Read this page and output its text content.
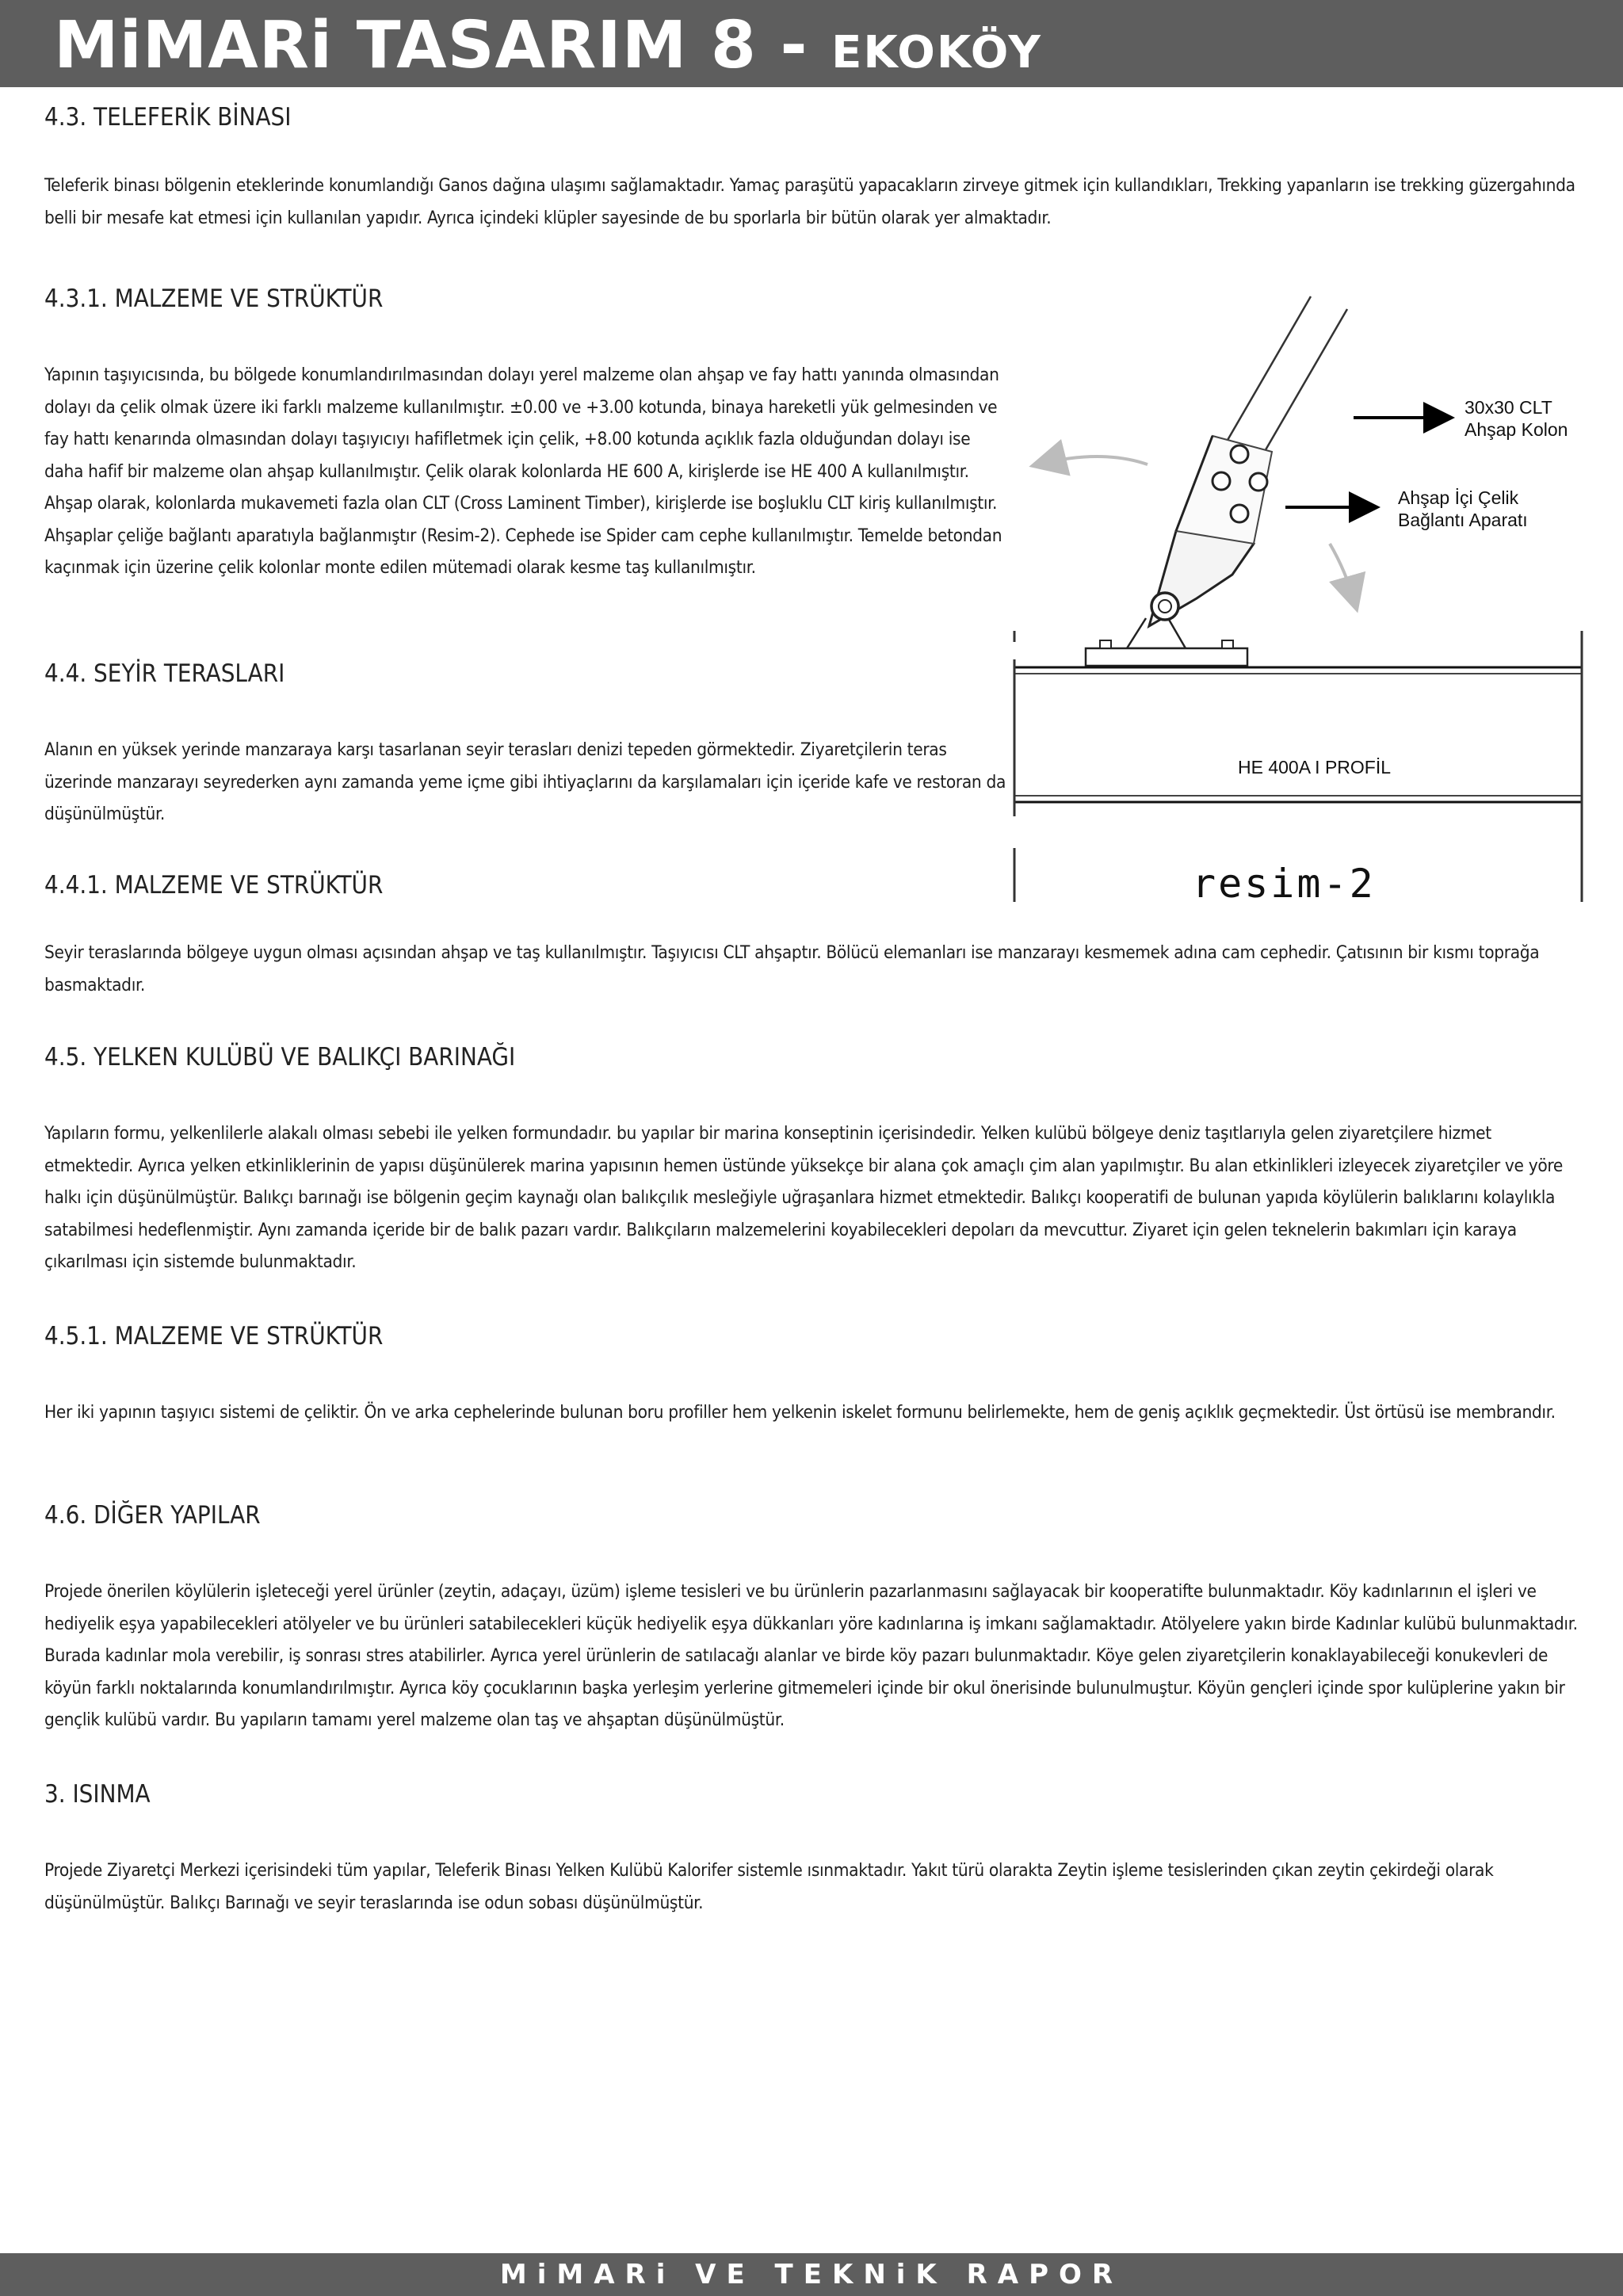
MiMARi TASARIM 8 - EKOKÖY
4.3. TELEFERİK BİNASI

Teleferik binası bölgenin eteklerinde konumlandığı Ganos dağına ulaşımı sağlamaktadır. Yamaç paraşütü yapacakların zirveye gitmek için kullandıkları, Trekking yapanların ise trekking güzergahında belli bir mesafe kat etmesi için kullanılan yapıdır. Ayrıca içindeki klüpler sayesinde de bu sporlarla bir bütün olarak yer almaktadır.

4.3.1. MALZEME VE STRÜKTÜR

Yapının taşıyıcısında, bu bölgede konumlandırılmasından dolayı yerel malzeme olan ahşap ve fay hattı yanında olmasından dolayı da çelik olmak üzere iki farklı malzeme kullanılmıştır. ±0.00 ve +3.00 kotunda, binaya hareketli yük gelmesinden ve fay hattı kenarında olmasından dolayı taşıyıcıyı hafifletmek için çelik, +8.00 kotunda açıklık fazla olduğundan dolayı ise daha hafif bir malzeme olan ahşap kullanılmıştır. Çelik olarak kolonlarda HE 600 A, kirişlerde ise HE 400 A kullanılmıştır. Ahşap olarak, kolonlarda mukavemeti fazla olan CLT (Cross Laminent Timber), kirişlerde ise boşluklu CLT kiriş kullanılmıştır. Ahşaplar çeliğe bağlantı aparatıyla bağlanmıştır (Resim-2). Cephede ise Spider cam cephe kullanılmıştır. Temelde betondan kaçınmak için üzerine çelik kolonlar monte edilen mütemadi olarak kesme taş kullanılmıştır.

4.4. SEYİR TERASLARI

Alanın en yüksek yerinde manzaraya karşı tasarlanan seyir terasları denizi tepeden görmektedir. Ziyaretçilerin teras üzerinde manzarayı seyrederken aynı zamanda yeme içme gibi ihtiyaçlarını da karşılamaları için içeride kafe ve restoran da düşünülmüştür.

4.4.1. MALZEME VE STRÜKTÜR

Seyir teraslarında bölgeye uygun olması açısından ahşap ve taş kullanılmıştır. Taşıyıcısı CLT ahşaptır. Bölücü elemanları ise manzarayı kesmemek adına cam cephedir. Çatısının bir kısmı toprağa basmaktadır.

4.5. YELKEN KULÜBÜ VE BALIKÇI BARINAĞI

Yapıların formu, yelkenlilerle alakalı olması sebebi ile yelken formundadır. bu yapılar bir marina konseptinin içerisindedir. Yelken kulübü bölgeye deniz taşıtlarıyla gelen ziyaretçilere hizmet etmektedir. Ayrıca yelken etkinliklerinin de yapısı düşünülerek marina yapısının hemen üstünde yüksekçe bir alana çok amaçlı çim alan yapılmıştır. Bu alan etkinlikleri izleyecek ziyaretçiler ve yöre halkı için düşünülmüştür. Balıkçı barınağı ise bölgenin geçim kaynağı olan balıkçılık mesleğiyle uğraşanlara hizmet etmektedir. Balıkçı kooperatifi de bulunan yapıda köylülerin balıklarını kolaylıkla satabilmesi hedeflenmiştir. Aynı zamanda içeride bir de balık pazarı vardır. Balıkçıların malzemelerini koyabilecekleri depoları da mevcuttur. Ziyaret için gelen teknelerin bakımları için karaya çıkarılması için sistemde bulunmaktadır.

4.5.1. MALZEME VE STRÜKTÜR

Her iki yapının taşıyıcı sistemi de çeliktir. Ön ve arka cephelerinde bulunan boru profiller hem yelkenin iskelet formunu belirlemekte, hem de geniş açıklık geçmektedir. Üst örtüsü ise membrandır.

4.6. DİĞER YAPILAR

Projede önerilen köylülerin işleteceği yerel ürünler (zeytin, adaçayı, üzüm) işleme tesisleri ve bu ürünlerin pazarlanmasını sağlayacak bir kooperatifte bulunmaktadır. Köy kadınlarının el işleri ve hediyelik eşya yapabilecekleri atölyeler ve bu ürünleri satabilecekleri küçük hediyelik eşya dükkanları yöre kadınlarına iş imkanı sağlamaktadır. Atölyelere yakın birde Kadınlar kulübü bulunmaktadır. Burada kadınlar mola verebilir, iş sonrası stres atabilirler. Ayrıca yerel ürünlerin de satılacağı alanlar ve birde köy pazarı bulunmaktadır. Köye gelen ziyaretçilerin konaklayabileceği konukevleri de köyün farklı noktalarında konumlandırılmıştır. Ayrıca köy çocuklarının başka yerleşim yerlerine gitmemeleri içinde bir okul önerisinde bulunulmuştur. Köyün gençleri içinde spor kulüplerine yakın bir gençlik kulübü vardır. Bu yapıların tamamı yerel malzeme olan taş ve ahşaptan düşünülmüştür.

3. ISINMA

Projede Ziyaretçi Merkezi içerisindeki tüm yapılar, Teleferik Binası Yelken Kulübü Kalorifer sistemle ısınmaktadır. Yakıt türü olarakta Zeytin işleme tesislerinden çıkan zeytin çekirdeği olarak düşünülmüştür. Balıkçı Barınağı ve seyir teraslarında ise odun sobası düşünülmüştür.

30x30 CLT
Ahşap Kolon
Ahşap İçi Çelik
Bağlantı Aparatı
HE 400A I PROFİL
resim-2
MiMARi VE TEKNiK RAPOR
